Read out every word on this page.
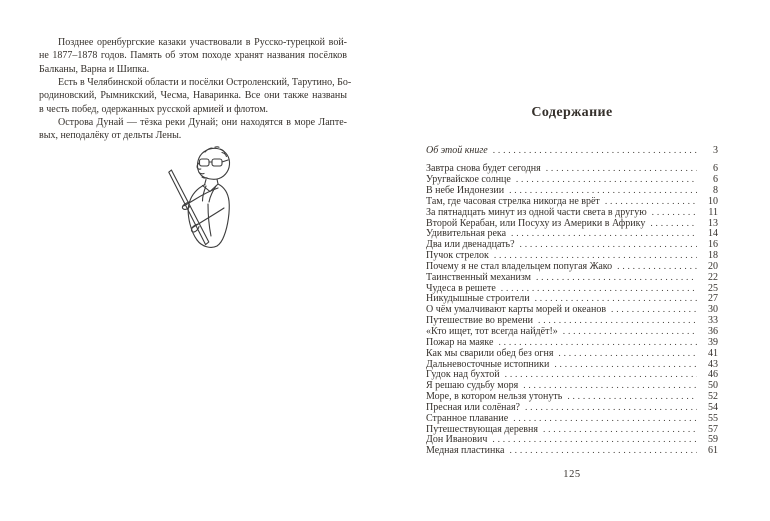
Позднее оренбургские казаки участвовали в Русско-турецкой вой-
не 1877–1878 годов. Память об этом походе хранят названия посёлков
Балканы, Варна и Шипка.
Есть в Челябинской области и посёлки Остроленский, Тарутино, Бо-
родиновский, Рымникский, Чесма, Наваринка. Все они также названы
в честь побед, одержанных русской армией и флотом.
Острова Дунай — тёзка реки Дунай; они находятся в море Лапте-
вых, неподалёку от дельты Лены.
Содержание
Об этой книге .....	3
Завтра снова будет сегодня .....	6
Уругвайское солнце .....	6
В небе Индонезии .....	8
Там, где часовая стрелка никогда не врёт .....	10
За пятнадцать минут из одной части света в другую .....	11
Второй Керабан, или Посуху из Америки в Африку .....	13
Удивительная река .....	14
Два или двенадцать? .....	16
Пучок стрелок .....	18
Почему я не стал владельцем попугая Жако .....	20
Таинственный механизм .....	22
Чудеса в решете .....	25
Никудышные строители .....	27
О чём умалчивают карты морей и океанов .....	30
Путешествие во времени .....	33
«Кто ищет, тот всегда найдёт!» .....	36
Пожар на маяке .....	39
Как мы сварили обед без огня .....	41
Дальневосточные истопники .....	43
Гудок над бухтой .....	46
Я решаю судьбу моря .....	50
Море, в котором нельзя утонуть .....	52
Пресная или солёная? .....	54
Странное плавание .....	55
Путешествующая деревня .....	57
Дон Иванович .....	59
Медная пластинка .....	61
125
